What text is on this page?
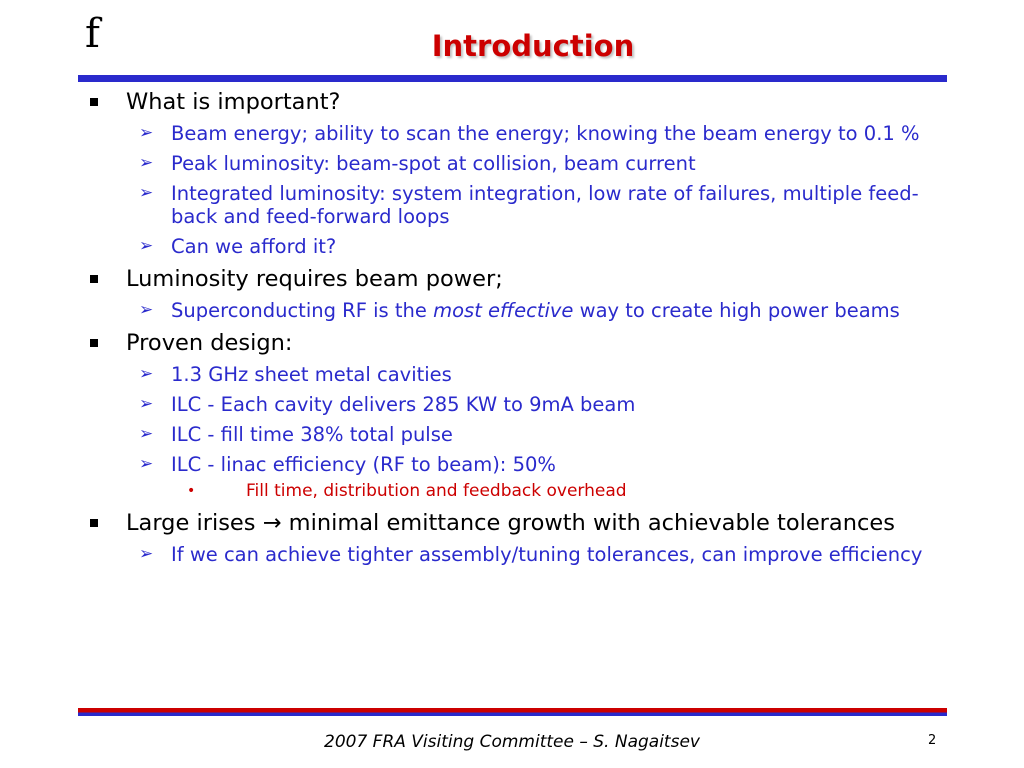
f	Introduction
What is important?
➢ Beam energy; ability to scan the energy; knowing the beam energy to 0.1 %
➢ Peak luminosity: beam-spot at collision, beam current
➢ Integrated luminosity: system integration, low rate of failures, multiple feed-back and feed-forward loops
➢ Can we afford it?
Luminosity requires beam power;
➢ Superconducting RF is the most effective way to create high power beams
Proven design:
➢ 1.3 GHz sheet metal cavities
➢ ILC - Each cavity delivers 285 KW to 9mA beam
➢ ILC - fill time 38% total pulse
➢ ILC - linac efficiency (RF to beam): 50%
•	Fill time, distribution and feedback overhead
Large irises → minimal emittance growth with achievable tolerances
➢ If we can achieve tighter assembly/tuning tolerances, can improve efficiency
2007 FRA Visiting Committee – S. Nagaitsev	2
